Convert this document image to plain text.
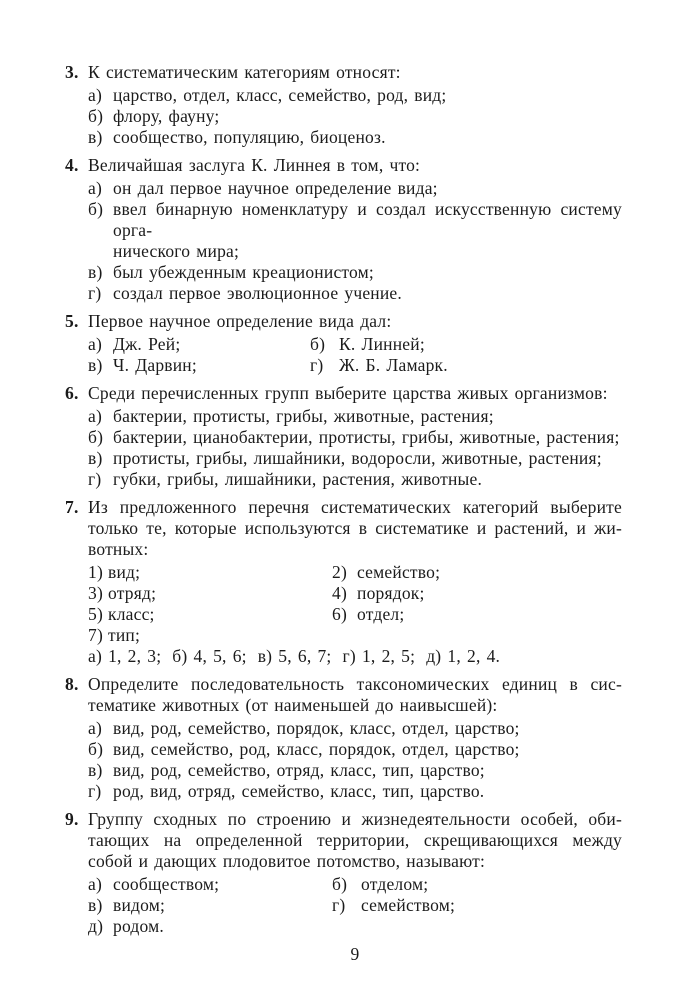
3. К систематическим категориям относят:
а) царство, отдел, класс, семейство, род, вид;
б) флору, фауну;
в) сообщество, популяцию, биоценоз.
4. Величайшая заслуга К. Линнея в том, что:
а) он дал первое научное определение вида;
б) ввел бинарную номенклатуру и создал искусственную систему орга-
нического мира;
в) был убежденным креационистом;
г) создал первое эволюционное учение.
5. Первое научное определение вида дал:
а) Дж. Рей;	б) К. Линней;
в) Ч. Дарвин;	г) Ж. Б. Ламарк.
6. Среди перечисленных групп выберите царства живых организмов:
а) бактерии, протисты, грибы, животные, растения;
б) бактерии, цианобактерии, протисты, грибы, животные, растения;
в) протисты, грибы, лишайники, водоросли, животные, растения;
г) губки, грибы, лишайники, растения, животные.
7. Из предложенного перечня систематических категорий выберите
только те, которые используются в систематике и растений, и жи-
вотных:
1) вид;	2) семейство;
3) отряд;	4) порядок;
5) класс;	6) отдел;
7) тип;
а) 1, 2, 3; б) 4, 5, 6; в) 5, 6, 7; г) 1, 2, 5; д) 1, 2, 4.
8. Определите последовательность таксономических единиц в сис-
тематике животных (от наименьшей до наивысшей):
а) вид, род, семейство, порядок, класс, отдел, царство;
б) вид, семейство, род, класс, порядок, отдел, царство;
в) вид, род, семейство, отряд, класс, тип, царство;
г) род, вид, отряд, семейство, класс, тип, царство.
9. Группу сходных по строению и жизнедеятельности особей, оби-
тающих на определенной территории, скрещивающихся между
собой и дающих плодовитое потомство, называют:
а) сообществом;	б) отделом;
в) видом;	г) семейством;
д) родом.
9
